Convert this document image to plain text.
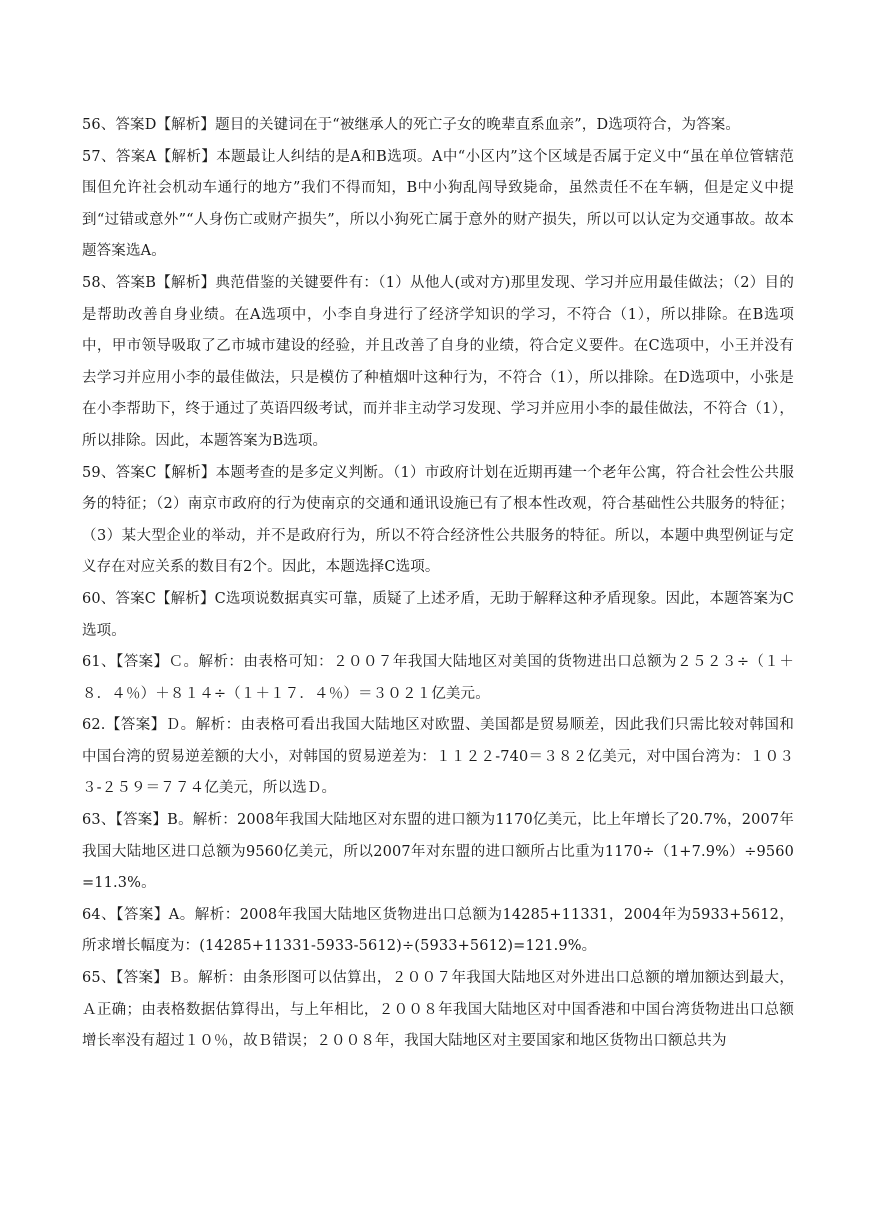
56、答案D【解析】题目的关键词在于“被继承人的死亡子女的晚辈直系血亲”，D选项符合，为答案。

57、答案A【解析】本题最让人纠结的是A和B选项。A中“小区内”这个区域是否属于定义中“虽在单位管辖范围但允许社会机动车通行的地方”我们不得而知，B中小狗乱闯导致毙命，虽然责任不在车辆，但是定义中提到“过错或意外”“人身伤亡或财产损失”，所以小狗死亡属于意外的财产损失，所以可以认定为交通事故。故本题答案选A。

58、答案B【解析】典范借鉴的关键要件有：（1）从他人(或对方)那里发现、学习并应用最佳做法；（2）目的是帮助改善自身业绩。在A选项中，小李自身进行了经济学知识的学习，不符合（1），所以排除。在B选项中，甲市领导吸取了乙市城市建设的经验，并且改善了自身的业绩，符合定义要件。在C选项中，小王并没有去学习并应用小李的最佳做法，只是模仿了种植烟叶这种行为，不符合（1），所以排除。在D选项中，小张是在小李帮助下，终于通过了英语四级考试，而并非主动学习发现、学习并应用小李的最佳做法，不符合（1），所以排除。因此，本题答案为B选项。

59、答案C【解析】本题考查的是多定义判断。（1）市政府计划在近期再建一个老年公寓，符合社会性公共服务的特征；（2）南京市政府的行为使南京的交通和通讯设施已有了根本性改观，符合基础性公共服务的特征；（3）某大型企业的举动，并不是政府行为，所以不符合经济性公共服务的特征。所以，本题中典型例证与定义存在对应关系的数目有2个。因此，本题选择C选项。

60、答案C【解析】C选项说数据真实可靠，质疑了上述矛盾，无助于解释这种矛盾现象。因此，本题答案为C选项。

61、【答案】Ｃ。解析：由表格可知：２００７年我国大陆地区对美国的货物进出口总额为２５２３÷（１＋８．４％）＋８１４÷（１＋１７．４％）＝３０２１亿美元。

62.【答案】Ｄ。解析：由表格可看出我国大陆地区对欧盟、美国都是贸易顺差，因此我们只需比较对韩国和中国台湾的贸易逆差额的大小，对韩国的贸易逆差为：１１２２-740＝３８２亿美元，对中国台湾为：１０３３-２５９＝７７４亿美元，所以选Ｄ。

63、【答案】B。解析：2008年我国大陆地区对东盟的进口额为1170亿美元，比上年增长了20.7%，2007年我国大陆地区进口总额为9560亿美元，所以2007年对东盟的进口额所占比重为1170÷（1+7.9%）÷9560=11.3%。

64、【答案】A。解析：2008年我国大陆地区货物进出口总额为14285+11331，2004年为5933+5612，所求增长幅度为：(14285+11331-5933-5612)÷(5933+5612)=121.9%。

65、【答案】Ｂ。解析：由条形图可以估算出，２００７年我国大陆地区对外进出口总额的增加额达到最大，Ａ正确；由表格数据估算得出，与上年相比，２００８年我国大陆地区对中国香港和中国台湾货物进出口总额增长率没有超过１０％，故Ｂ错误；２００８年，我国大陆地区对主要国家和地区货物出口额总共为
